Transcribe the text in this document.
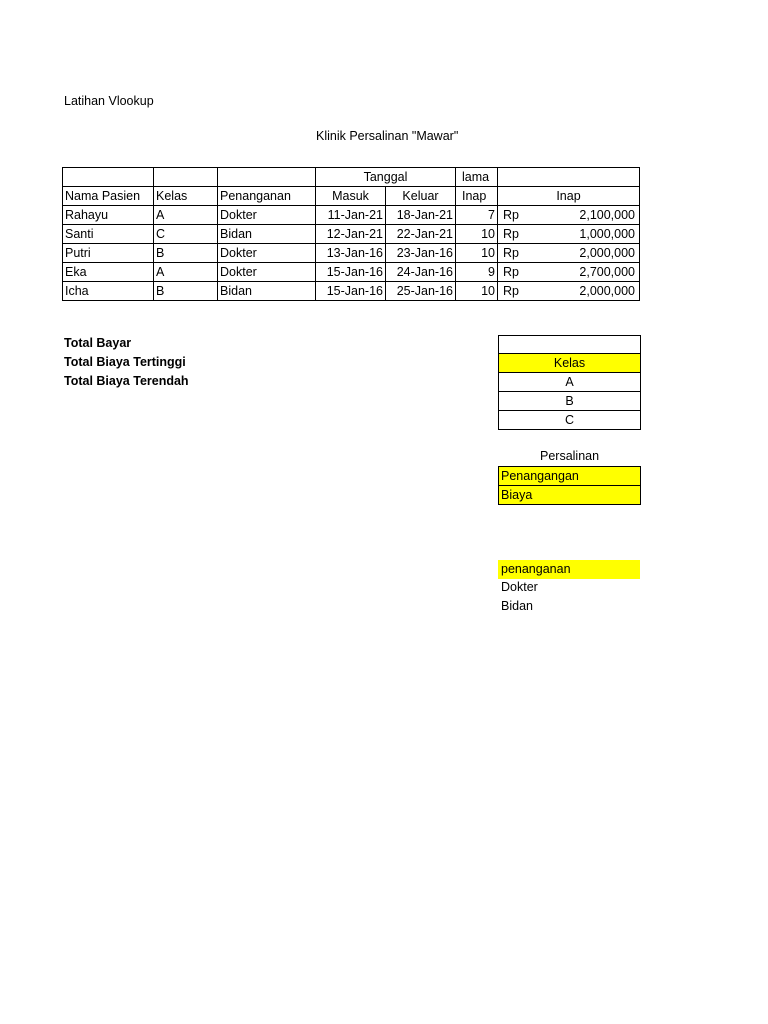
Latihan Vlookup
Klinik Persalinan "Mawar"
			Tanggal		lama	
Nama Pasien	Kelas	Penanganan	Masuk	Keluar	Inap	Inap
Rahayu	A	Dokter	11-Jan-21	18-Jan-21	7	Rp 2,100,000

Santi	C	Bidan	12-Jan-21	22-Jan-21	10	Rp 1,000,000

Putri	B	Dokter	13-Jan-16	23-Jan-16	10	Rp 2,000,000

Eka	A	Dokter	15-Jan-16	24-Jan-16	9	Rp 2,700,000

Icha	B	Bidan	15-Jan-16	25-Jan-16	10	Rp 2,000,000
Total Bayar
Total Biaya Tertinggi
Total Biaya Terendah

Kelas
A
B
C
Persalinan
Penangangan
Biaya
penanganan
Dokter
Bidan
